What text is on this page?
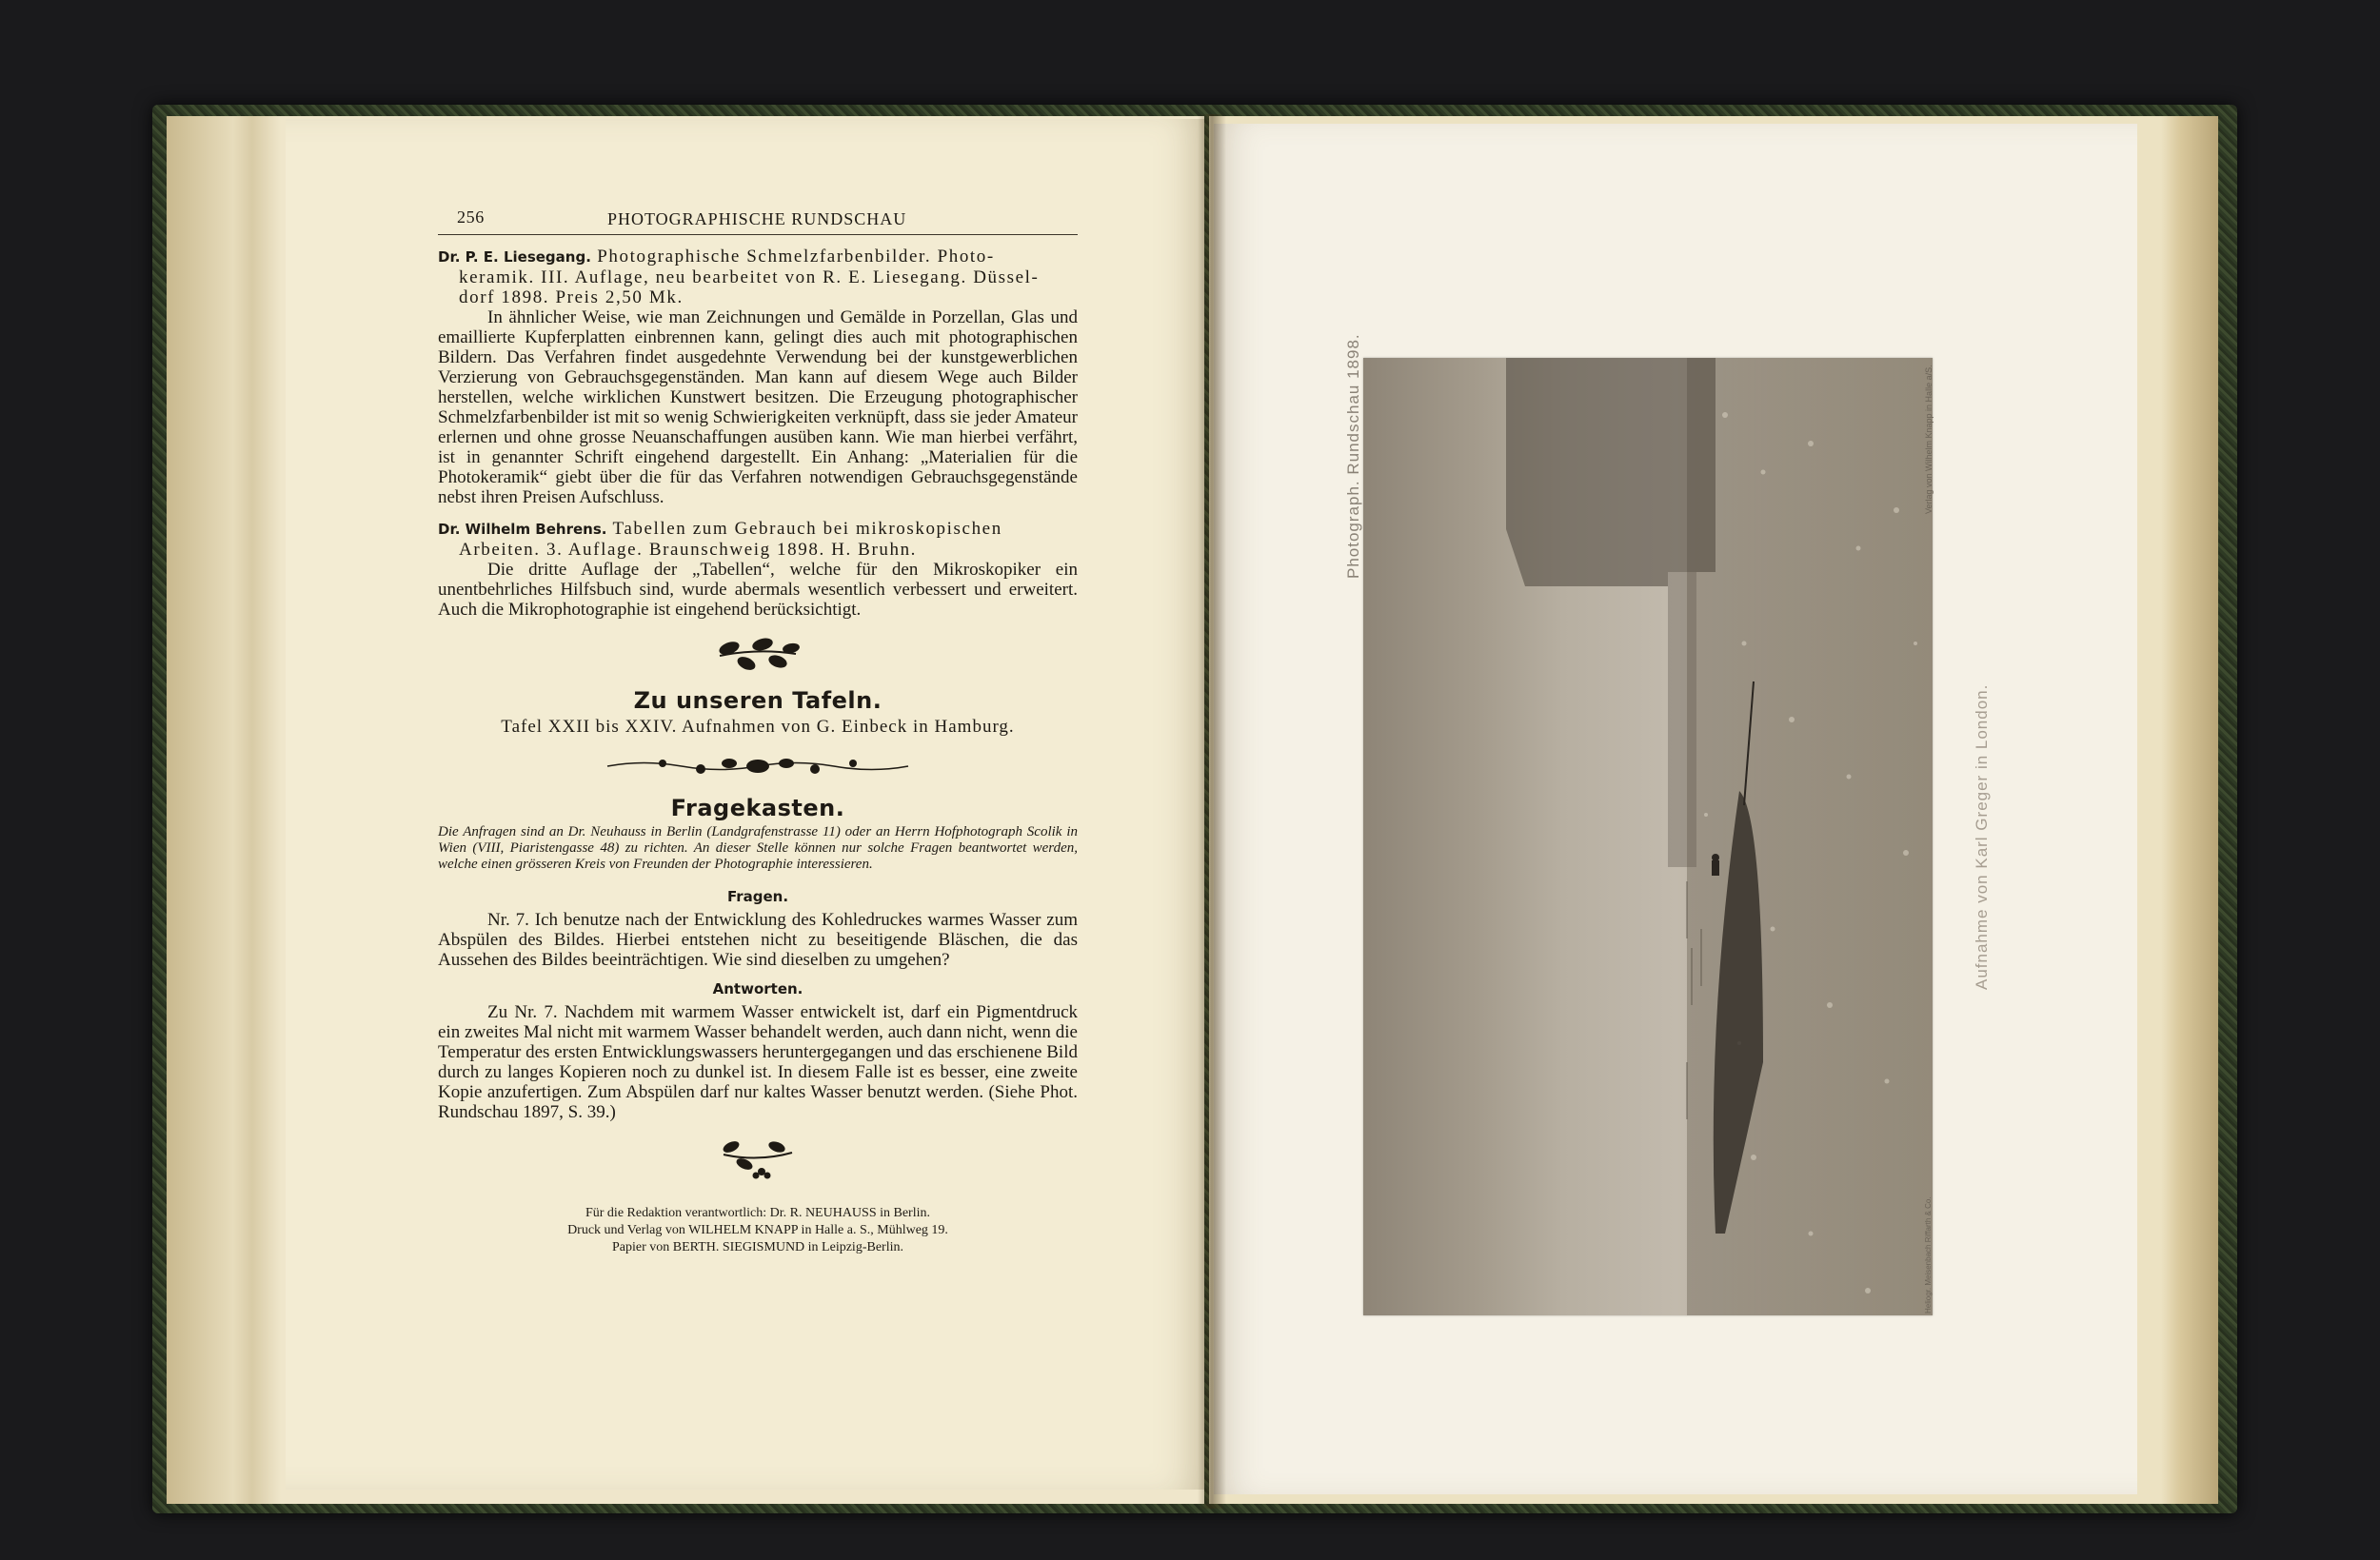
256	PHOTOGRAPHISCHE RUNDSCHAU

Dr. P. E. Liesegang. Photographische Schmelzfarbenbilder. Photo-

keramik. III. Auflage, neu bearbeitet von R. E. Liesegang. Düssel-

dorf 1898. Preis 2,50 Mk.

In ähnlicher Weise, wie man Zeichnungen und Gemälde in Porzellan, Glas und emaillierte Kupferplatten einbrennen kann, gelingt dies auch mit photographischen Bildern. Das Verfahren findet ausgedehnte Verwendung bei der kunstgewerblichen Verzierung von Gebrauchsgegenständen. Man kann auf diesem Wege auch Bilder herstellen, welche wirklichen Kunstwert besitzen. Die Erzeugung photographischer Schmelzfarbenbilder ist mit so wenig Schwierigkeiten verknüpft, dass sie jeder Amateur erlernen und ohne grosse Neuanschaffungen ausüben kann. Wie man hierbei verfährt, ist in genannter Schrift eingehend dargestellt. Ein Anhang: „Materialien für die Photokeramik“ giebt über die für das Verfahren notwendigen Gebrauchsgegenstände nebst ihren Preisen Aufschluss.

Dr. Wilhelm Behrens. Tabellen zum Gebrauch bei mikroskopischen

Arbeiten. 3. Auflage. Braunschweig 1898. H. Bruhn.

Die dritte Auflage der „Tabellen“, welche für den Mikroskopiker ein unentbehrliches Hilfsbuch sind, wurde abermals wesentlich verbessert und erweitert. Auch die Mikrophotographie ist eingehend berücksichtigt.

Zu unseren Tafeln.
Tafel XXII bis XXIV. Aufnahmen von G. Einbeck in Hamburg.
Fragekasten.

Die Anfragen sind an Dr. Neuhauss in Berlin (Landgrafenstrasse 11) oder an Herrn Hofphotograph Scolik in Wien (VIII, Piaristengasse 48) zu richten. An dieser Stelle können nur solche Fragen beantwortet werden, welche einen grösseren Kreis von Freunden der Photographie interessieren.

Fragen.

Nr. 7. Ich benutze nach der Entwicklung des Kohledruckes warmes Wasser zum Abspülen des Bildes. Hierbei entstehen nicht zu beseitigende Bläschen, die das Aussehen des Bildes beeinträchtigen. Wie sind dieselben zu umgehen?

Antworten.

Zu Nr. 7. Nachdem mit warmem Wasser entwickelt ist, darf ein Pigmentdruck ein zweites Mal nicht mit warmem Wasser behandelt werden, auch dann nicht, wenn die Temperatur des ersten Entwicklungswassers heruntergegangen und das erschienene Bild durch zu langes Kopieren noch zu dunkel ist. In diesem Falle ist es besser, eine zweite Kopie anzufertigen. Zum Abspülen darf nur kaltes Wasser benutzt werden. (Siehe Phot. Rundschau 1897, S. 39.)

Für die Redaktion verantwortlich: Dr. R. NEUHAUSS in Berlin.
Druck und Verlag von WILHELM KNAPP in Halle a. S., Mühlweg 19.
Papier von BERTH. SIEGISMUND in Leipzig-Berlin.
Photograph. Rundschau 1898.
Aufnahme von Karl Greger in London.
Verlag von Wilhelm Knapp in Halle a/S.
Heliogr. Meisenbach Riffarth & Co.
